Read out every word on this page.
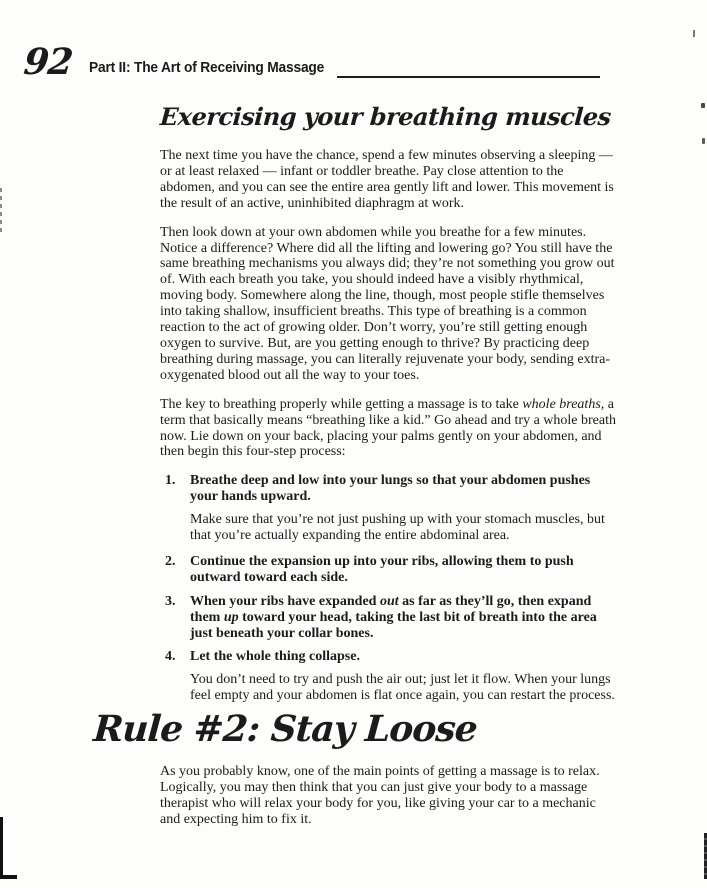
92 Part II: The Art of Receiving Massage
Exercising your breathing muscles

The next time you have the chance, spend a few minutes observing a sleeping — or at least relaxed — infant or toddler breathe. Pay close attention to the abdomen, and you can see the entire area gently lift and lower. This movement is the result of an active, uninhibited diaphragm at work.

Then look down at your own abdomen while you breathe for a few minutes. Notice a difference? Where did all the lifting and lowering go? You still have the same breathing mechanisms you always did; they’re not something you grow out of. With each breath you take, you should indeed have a visibly rhythmical, moving body. Somewhere along the line, though, most people stifle themselves into taking shallow, insufficient breaths. This type of breathing is a common reaction to the act of growing older. Don’t worry, you’re still getting enough oxygen to survive. But, are you getting enough to thrive? By practicing deep breathing during massage, you can literally rejuvenate your body, sending extra-oxygenated blood out all the way to your toes.

The key to breathing properly while getting a massage is to take whole breaths, a term that basically means “breathing like a kid.” Go ahead and try a whole breath now. Lie down on your back, placing your palms gently on your abdomen, and then begin this four-step process:

1.	Breathe deep and low into your lungs so that your abdomen pushes your hands upward.
Make sure that you’re not just pushing up with your stomach muscles, but that you’re actually expanding the entire abdominal area.
2.	Continue the expansion up into your ribs, allowing them to push outward toward each side.
3.	When your ribs have expanded out as far as they’ll go, then expand them up toward your head, taking the last bit of breath into the area just beneath your collar bones.
4.	Let the whole thing collapse.
You don’t need to try and push the air out; just let it flow. When your lungs feel empty and your abdomen is flat once again, you can restart the process.
Rule #2: Stay Loose
As you probably know, one of the main points of getting a massage is to relax. Logically, you may then think that you can just give your body to a massage therapist who will relax your body for you, like giving your car to a mechanic and expecting him to fix it.
